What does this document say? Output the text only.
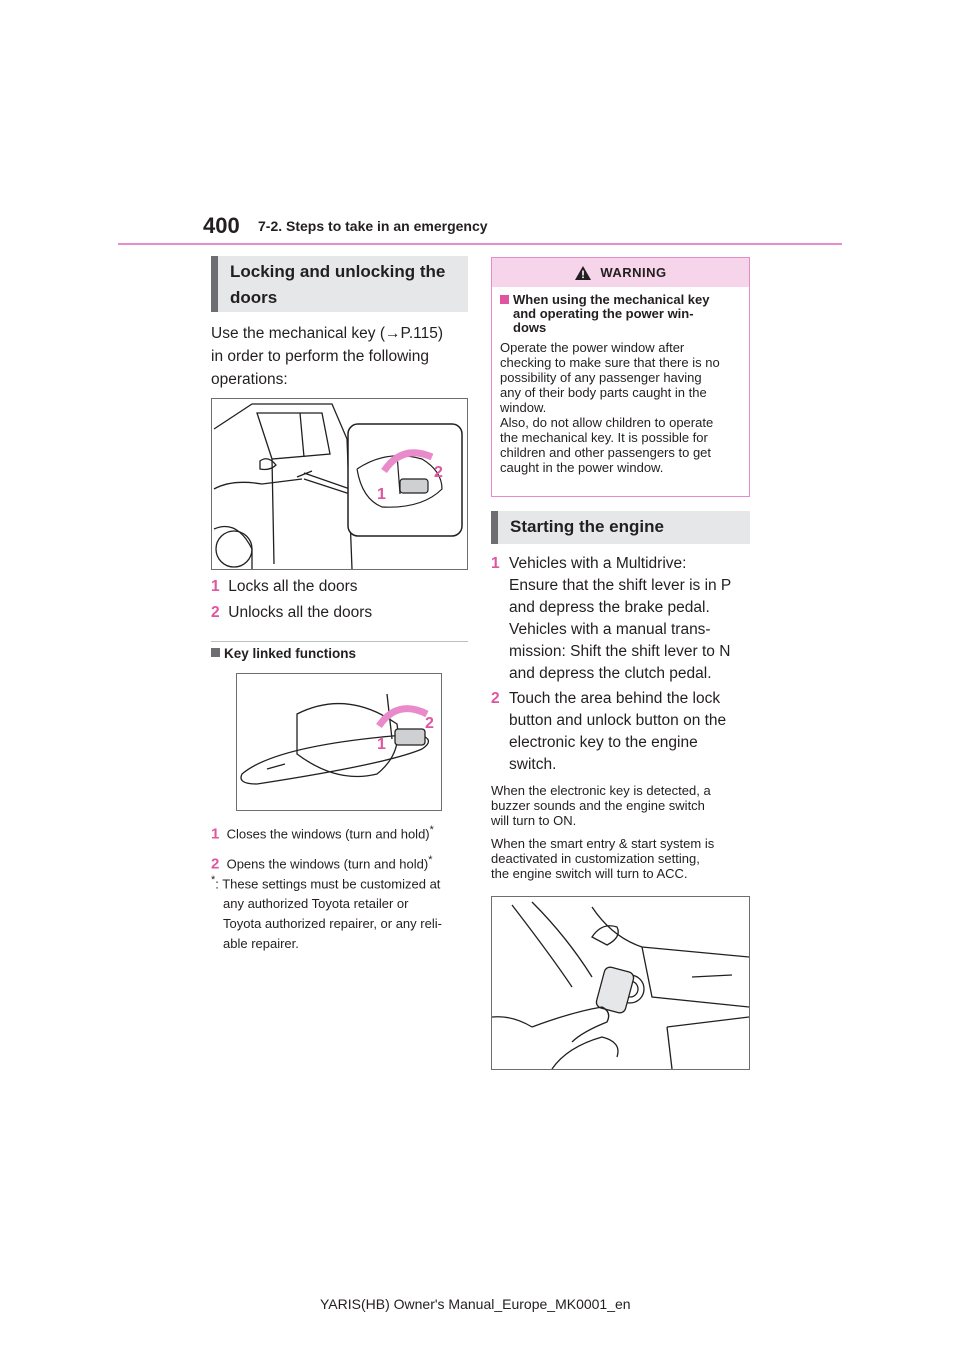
400 7-2. Steps to take in an emergency
Locking and unlocking the doors
Use the mechanical key (→P.115)
in order to perform the following
operations:
1
2
1 Locks all the doors
2 Unlocks all the doors
Key linked functions
1
2
1 Closes the windows (turn and hold)*
2 Opens the windows (turn and hold)*
*: These settings must be customized at
any authorized Toyota retailer or
Toyota authorized repairer, or any reli-
able repairer.
WARNING
When using the mechanical key
and operating the power win-
dows
Operate the power window after
checking to make sure that there is no
possibility of any passenger having
any of their body parts caught in the
window.
Also, do not allow children to operate
the mechanical key. It is possible for
children and other passengers to get
caught in the power window.
Starting the engine
1 Vehicles with a Multidrive:
Ensure that the shift lever is in P
and depress the brake pedal.
Vehicles with a manual trans-
mission: Shift the shift lever to N
and depress the clutch pedal.
2 Touch the area behind the lock
button and unlock button on the
electronic key to the engine
switch.
When the electronic key is detected, a
buzzer sounds and the engine switch
will turn to ON.
When the smart entry & start system is
deactivated in customization setting,
the engine switch will turn to ACC.
YARIS(HB) Owner's Manual_Europe_MK0001_en
